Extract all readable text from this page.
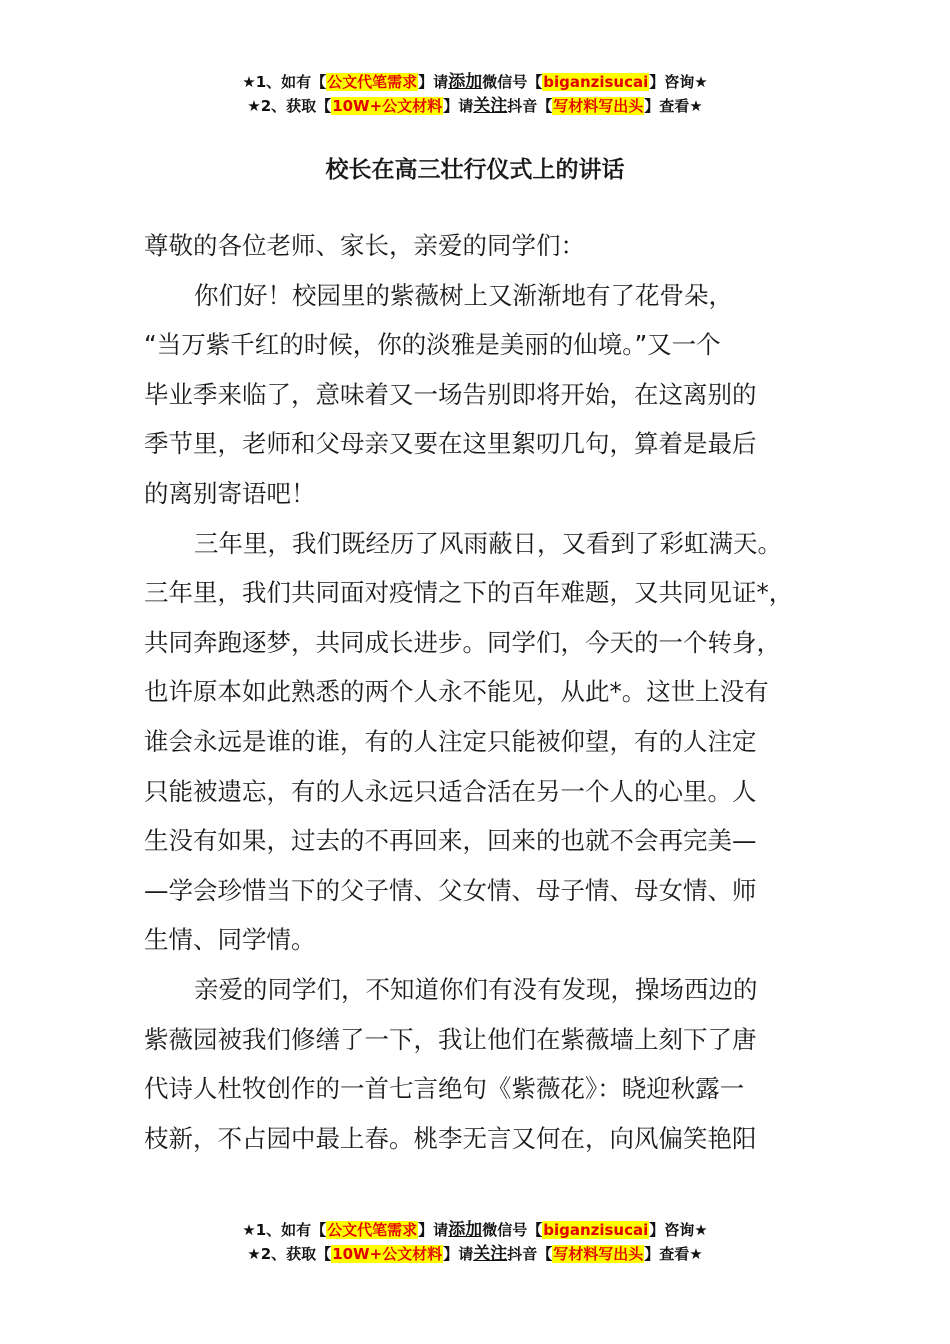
★1、如有【公文代笔需求】请添加微信号【biganzisucai】咨询★
★2、获取【10W+公文材料】请关注抖音【写材料写出头】查看★
校长在高三壮行仪式上的讲话

尊敬的各位老师、家长，亲爱的同学们：

你们好！校园里的紫薇树上又渐渐地有了花骨朵，
“当万紫千红的时候，你的淡雅是美丽的仙境。”又一个
毕业季来临了，意味着又一场告别即将开始，在这离别的
季节里，老师和父母亲又要在这里絮叨几句，算着是最后
的离别寄语吧！

三年里，我们既经历了风雨蔽日，又看到了彩虹满天。
三年里，我们共同面对疫情之下的百年难题，又共同见证*，
共同奔跑逐梦，共同成长进步。同学们，今天的一个转身，
也许原本如此熟悉的两个人永不能见，从此*。这世上没有
谁会永远是谁的谁，有的人注定只能被仰望，有的人注定
只能被遗忘，有的人永远只适合活在另一个人的心里。人
生没有如果，过去的不再回来，回来的也就不会再完美—
—学会珍惜当下的父子情、父女情、母子情、母女情、师
生情、同学情。

亲爱的同学们，不知道你们有没有发现，操场西边的
紫薇园被我们修缮了一下，我让他们在紫薇墙上刻下了唐
代诗人杜牧创作的一首七言绝句《紫薇花》：晓迎秋露一
枝新，不占园中最上春。桃李无言又何在，向风偏笑艳阳

★1、如有【公文代笔需求】请添加微信号【biganzisucai】咨询★
★2、获取【10W+公文材料】请关注抖音【写材料写出头】查看★
